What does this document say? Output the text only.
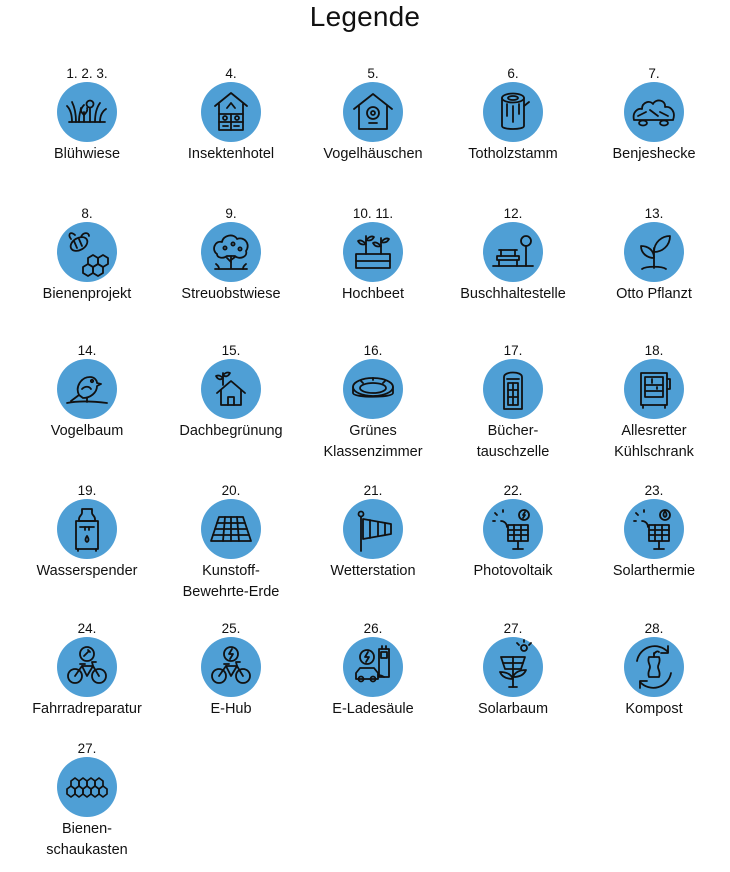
Legende
1. 2. 3.
Blühwiese
4.
Insektenhotel
5.
Vogelhäuschen
6.
Totholzstamm
7.
Benjeshecke
8.
Bienenprojekt
9.
Streuobstwiese
10. 11.
Hochbeet
12.
Buschhaltestelle
13.
Otto Pflanzt
14.
Vogelbaum
15.
Dachbegrünung
16.
Grünes
Klassenzimmer
17.
Bücher-
tauschzelle
18.
Allesretter
Kühlschrank
19.
Wasserspender
20.
Kunstoff-
Bewehrte-Erde
21.
Wetterstation
22.
Photovoltaik
23.
Solarthermie
24.
Fahrradreparatur
25.
E-Hub
26.
E-Ladesäule
27.
Solarbaum
28.
Kompost
27.
Bienen-
schaukasten
